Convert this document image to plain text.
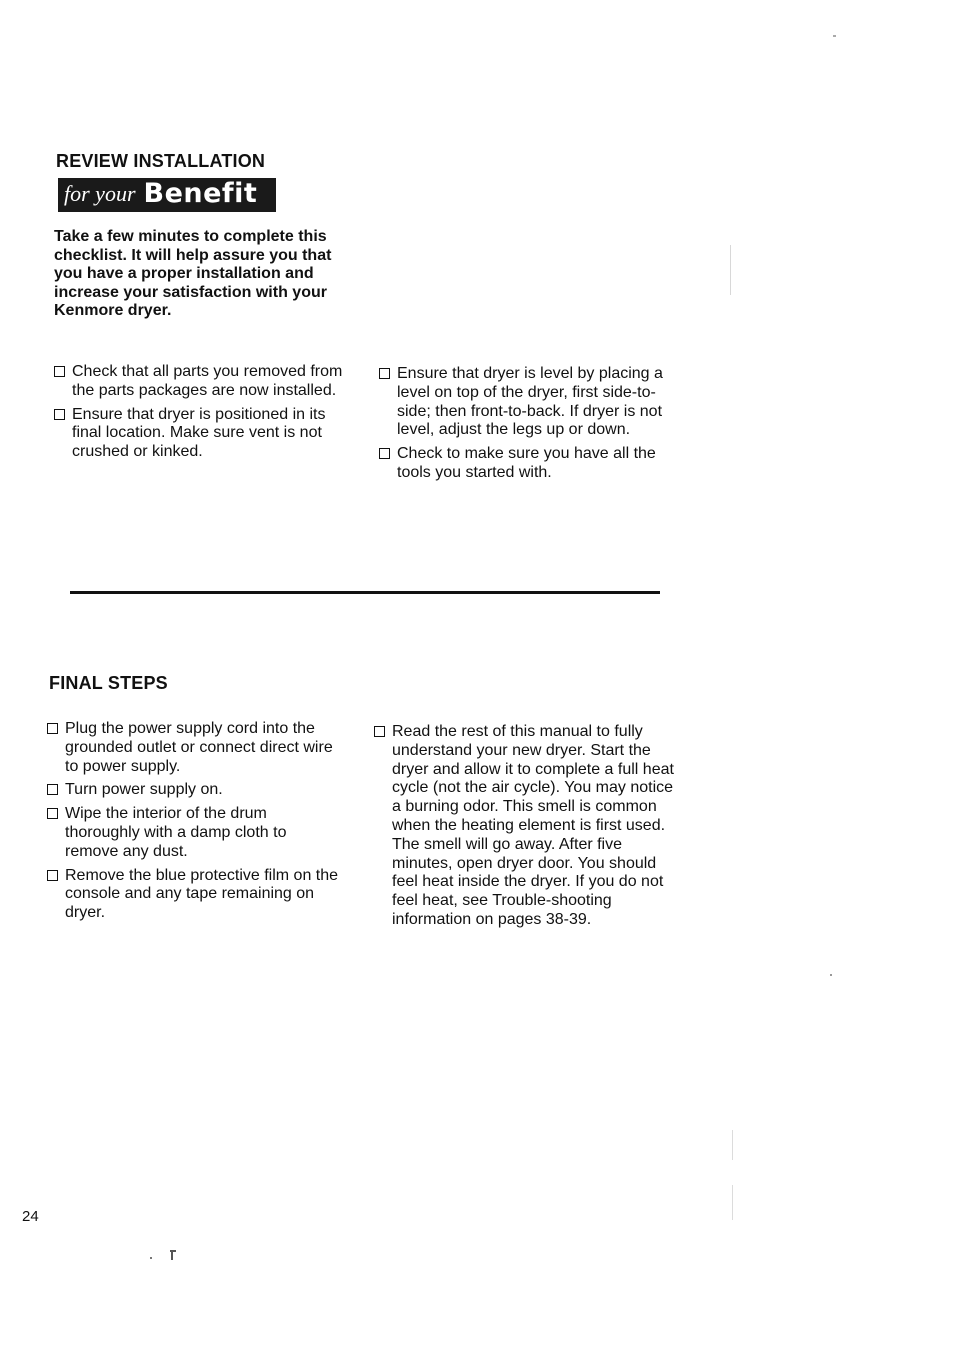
REVIEW INSTALLATION
for your Benefit
Take a few minutes to complete this checklist. It will help assure you that you have a proper installation and increase your satisfaction with your Kenmore dryer.
Check that all parts you removed from the parts packages are now installed.
Ensure that dryer is positioned in its final location. Make sure vent is not crushed or kinked.
Ensure that dryer is level by placing a level on top of the dryer, first side-to-side; then front-to-back. If dryer is not level, adjust the legs up or down.
Check to make sure you have all the tools you started with.
FINAL STEPS
Plug the power supply cord into the grounded outlet or connect direct wire to power supply.
Turn power supply on.
Wipe the interior of the drum thoroughly with a damp cloth to remove any dust.
Remove the blue protective film on the console and any tape remaining on dryer.
Read the rest of this manual to fully understand your new dryer. Start the dryer and allow it to complete a full heat cycle (not the air cycle). You may notice a burning odor. This smell is common when the heating element is first used. The smell will go away. After five minutes, open dryer door. You should feel heat inside the dryer. If you do not feel heat, see Trouble-shooting information on pages 38-39.
24
